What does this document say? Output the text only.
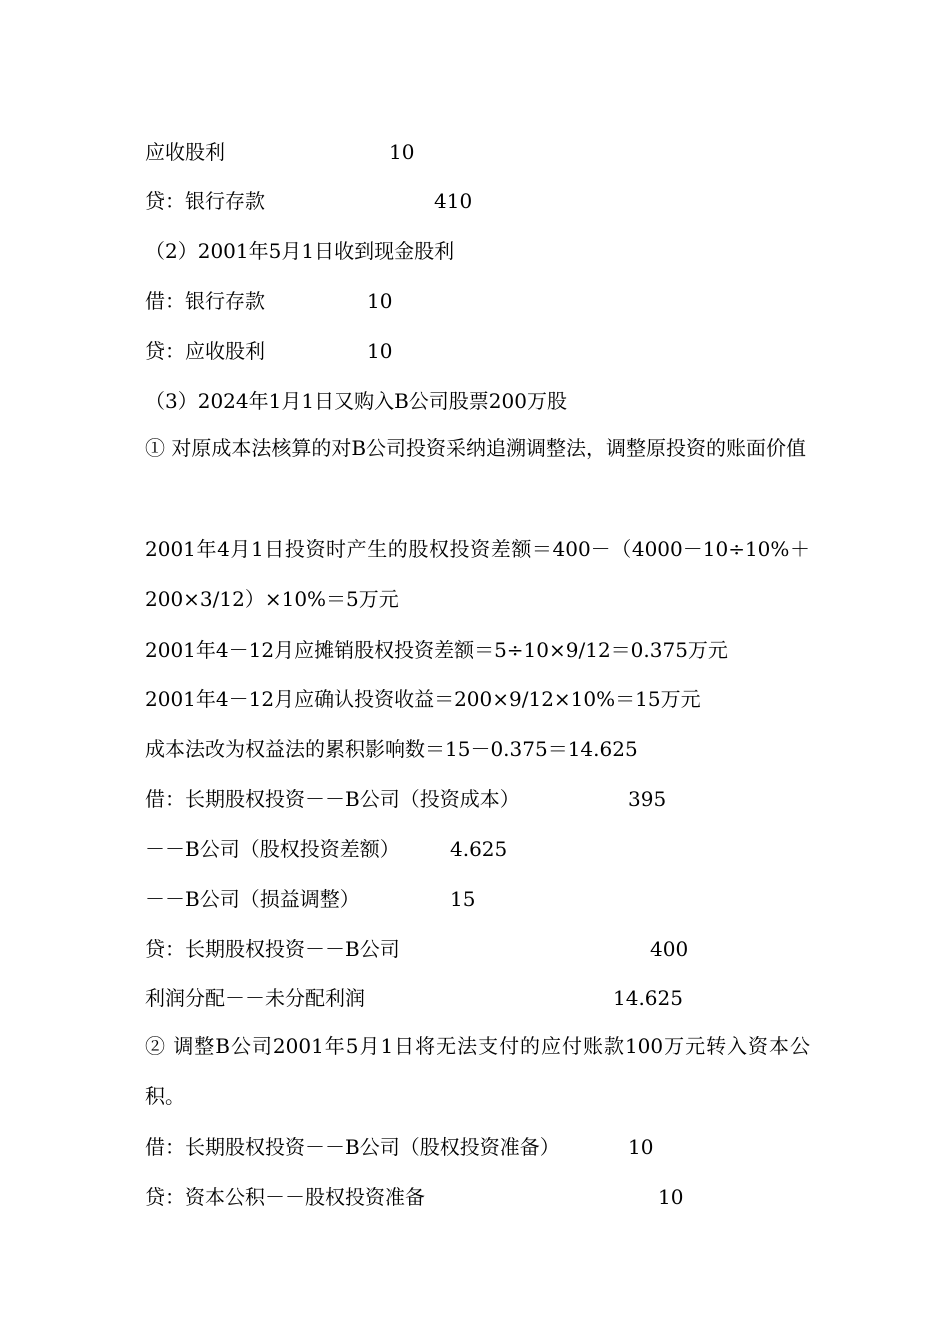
应收股利	10
贷：银行存款	410
（2）2001年5月1日收到现金股利
借：银行存款	10
贷：应收股利	10
（3）2024年1月1日又购入B公司股票200万股
① 对原成本法核算的对B公司投资采纳追溯调整法，调整原投资的账面价值
2001年4月1日投资时产生的股权投资差额＝400－（4000－10÷10%＋200×3/12）×10%＝5万元
2001年4－12月应摊销股权投资差额＝5÷10×9/12＝0.375万元
2001年4－12月应确认投资收益＝200×9/12×10%＝15万元
成本法改为权益法的累积影响数＝15－0.375＝14.625
借：长期股权投资－－B公司（投资成本）	395
－－B公司（股权投资差额）	4.625
－－B公司（损益调整）	15
贷：长期股权投资－－B公司	400
利润分配－－未分配利润	14.625
② 调整B公司2001年5月1日将无法支付的应付账款100万元转入资本公积。
借：长期股权投资－－B公司（股权投资准备）	10
贷：资本公积－－股权投资准备	10
